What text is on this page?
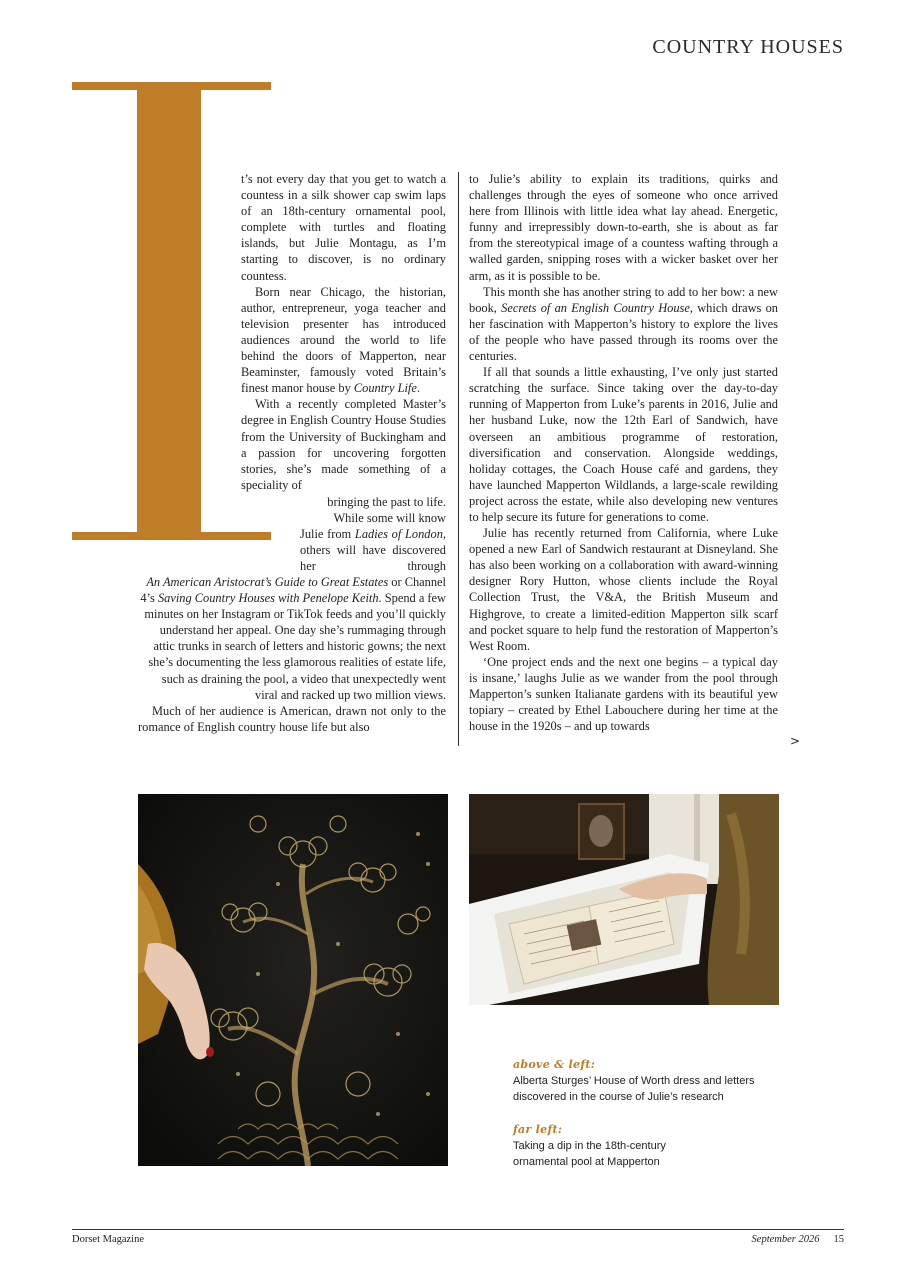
COUNTRY HOUSES

t’s not every day that you get to watch a countess in a silk shower cap swim laps of an 18th-century ornamental pool, complete with turtles and floating islands, but Julie Montagu, as I’m starting to discover, is no ordinary countess.

Born near Chicago, the historian, author, entrepreneur, yoga teacher and television presenter has introduced audiences around the world to life behind the doors of Mapperton, near Beaminster, famously voted Britain’s finest manor house by Country Life.

With a recently completed Master’s degree in English Country House Studies from the University of Buckingham and a passion for uncovering forgotten stories, she’s made something of a speciality of

bringing the past to life.
While some will know
Julie from Ladies of London, others will have discovered her through

An American Aristocrat’s Guide to Great Estates or Channel 4’s Saving Country Houses with Penelope Keith. Spend a few minutes on her Instagram or TikTok feeds and you’ll quickly understand her appeal. One day she’s rummaging through attic trunks in search of letters and historic gowns; the next she’s documenting the less glamorous realities of estate life, such as draining the pool, a video that unexpectedly went viral and racked up two million views.

Much of her audience is American, drawn not only to the romance of English country house life but also

to Julie’s ability to explain its traditions, quirks and challenges through the eyes of someone who once arrived here from Illinois with little idea what lay ahead. Energetic, funny and irrepressibly down-to-earth, she is about as far from the stereotypical image of a countess wafting through a walled garden, snipping roses with a wicker basket over her arm, as it is possible to be.

This month she has another string to add to her bow: a new book, Secrets of an English Country House, which draws on her fascination with Mapperton’s history to explore the lives of the people who have passed through its rooms over the centuries.

If all that sounds a little exhausting, I’ve only just started scratching the surface. Since taking over the day-to-day running of Mapperton from Luke’s parents in 2016, Julie and her husband Luke, now the 12th Earl of Sandwich, have overseen an ambitious programme of restoration, diversification and conservation. Alongside weddings, holiday cottages, the Coach House café and gardens, they have launched Mapperton Wildlands, a large-scale rewilding project across the estate, while also developing new ventures to help secure its future for generations to come.

Julie has recently returned from California, where Luke opened a new Earl of Sandwich restaurant at Disneyland. She has also been working on a collaboration with award-winning designer Rory Hutton, whose clients include the Royal Collection Trust, the V&A, the British Museum and Highgrove, to create a limited-edition Mapperton silk scarf and pocket square to help fund the restoration of Mapperton’s West Room.

‘One project ends and the next one begins – a typical day is insane,’ laughs Julie as we wander from the pool through Mapperton’s sunken Italianate gardens with its beautiful yew topiary – created by Ethel Labouchere during her time at the house in the 1920s – and up towards

>
above & left:
Alberta Sturges’ House of Worth dress and letters discovered in the course of Julie’s research
far left:
Taking a dip in the 18th-century ornamental pool at Mapperton
Dorset Magazine	September 2026 15
